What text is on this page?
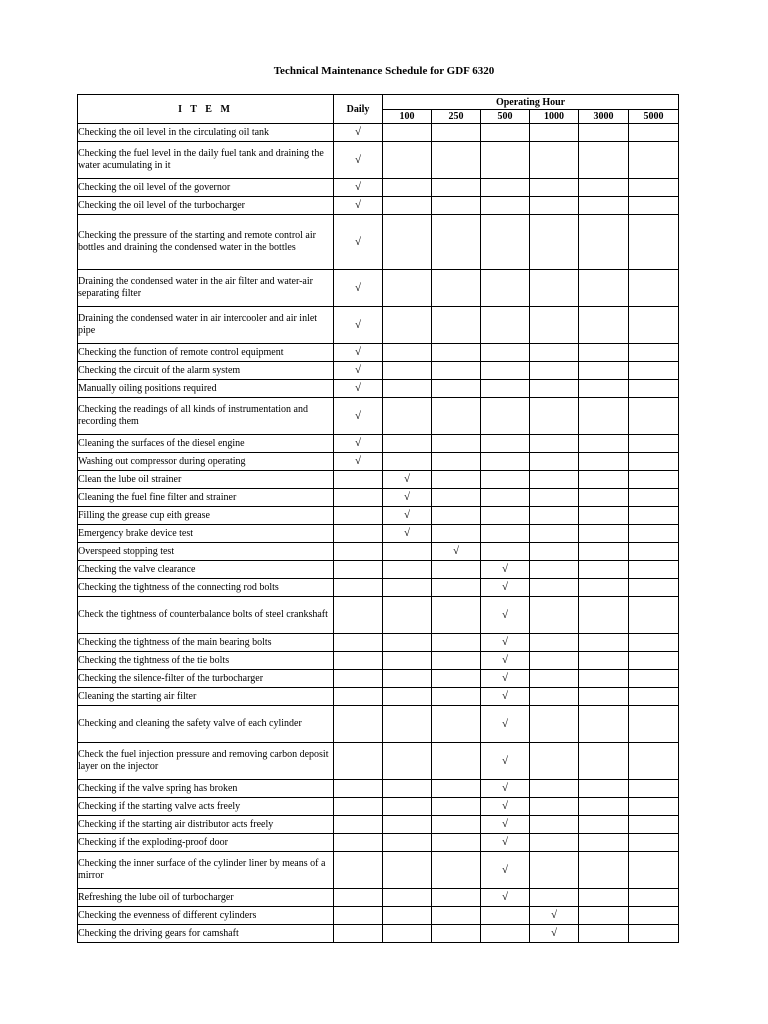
Technical Maintenance Schedule for GDF 6320
I T E M	Daily	Operating Hour					
		100	250	500	1000	3000	5000
Checking the oil level in the circulating oil tank	√						
Checking the fuel level in the daily fuel tank and draining the water acumulating in it	√						
Checking the oil level of the governor	√						
Checking the oil level of the turbocharger	√						
Checking the pressure of the starting and remote control air bottles and draining the condensed water in the bottles	√						
Draining the condensed water in the air filter and water-air separating filter	√						
Draining the condensed water in air intercooler and air inlet pipe	√						
Checking the function of remote control equipment	√						
Checking the circuit of the alarm system	√						
Manually oiling positions required	√						
Checking the readings of all kinds of instrumentation and recording them	√						
Cleaning the surfaces of the diesel engine	√						
Washing out compressor during operating	√						
Clean the lube oil strainer		√					
Cleaning the fuel fine filter and strainer		√					
Filling the grease cup eith grease		√					
Emergency brake device test		√					
Overspeed stopping test			√				
Checking the valve clearance				√			
Checking the tightness of the connecting rod bolts				√			
Check the tightness of counterbalance bolts of steel crankshaft				√			
Checking the tightness of the main bearing bolts				√			
Checking the tightness of the tie bolts				√			
Checking the silence-filter of the turbocharger				√			
Cleaning the starting air filter				√			
Checking and cleaning the safety valve of each cylinder				√			
Check the fuel injection pressure and removing carbon deposit layer on the injector				√			
Checking if the valve spring has broken				√			
Checking if the starting valve acts freely				√			
Checking if the starting air distributor acts freely				√			
Checking if the exploding-proof door				√			
Checking the inner surface of the cylinder liner by means of a mirror				√			
Refreshing the lube oil of turbocharger				√			
Checking the evenness of different cylinders					√		
Checking the driving gears for camshaft					√		
